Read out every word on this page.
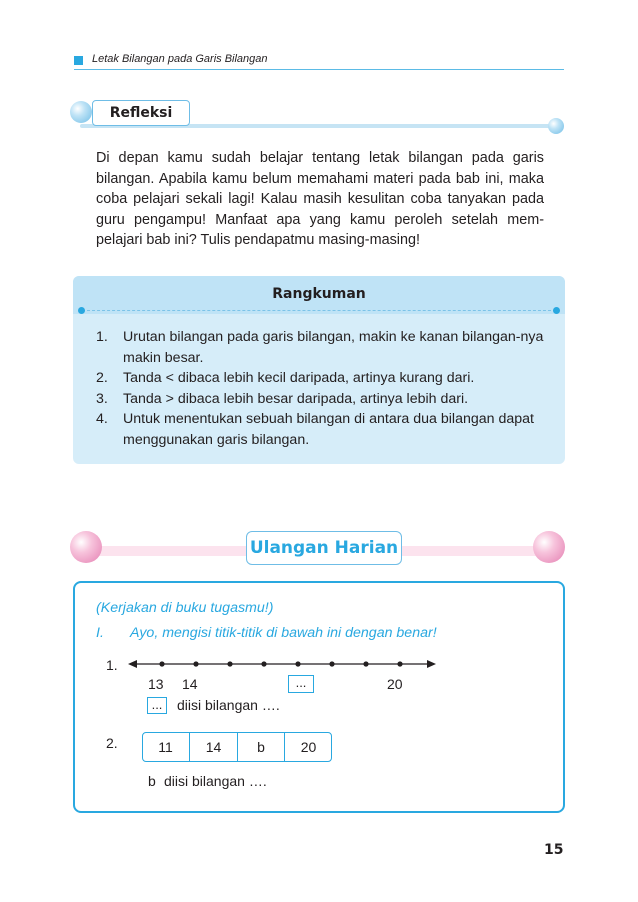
Letak Bilangan pada Garis Bilangan
Refleksi

Di depan kamu sudah belajar tentang letak bilangan pada garis bilangan. Apabila kamu belum memahami materi pada bab ini, maka coba pelajari sekali lagi! Kalau masih kesulitan coba tanyakan pada guru pengampu! Manfaat apa yang kamu peroleh setelah mem-pelajari bab ini? Tulis pendapatmu masing-masing!

Rangkuman
1.	Urutan bilangan pada garis bilangan, makin ke kanan bilangan-nya makin besar.
2.	Tanda < dibaca lebih kecil daripada, artinya kurang dari.
3.	Tanda > dibaca lebih besar daripada, artinya lebih dari.
4.	Untuk menentukan sebuah bilangan di antara dua bilangan dapat menggunakan garis bilangan.
Ulangan Harian
(Kerjakan di buku tugasmu!)
I. Ayo, mengisi titik-titik di bawah ini dengan benar!
1.
13 14	...	20
...	diisi bilangan ….
2.	11	14	b	20
b diisi bilangan ….
15
